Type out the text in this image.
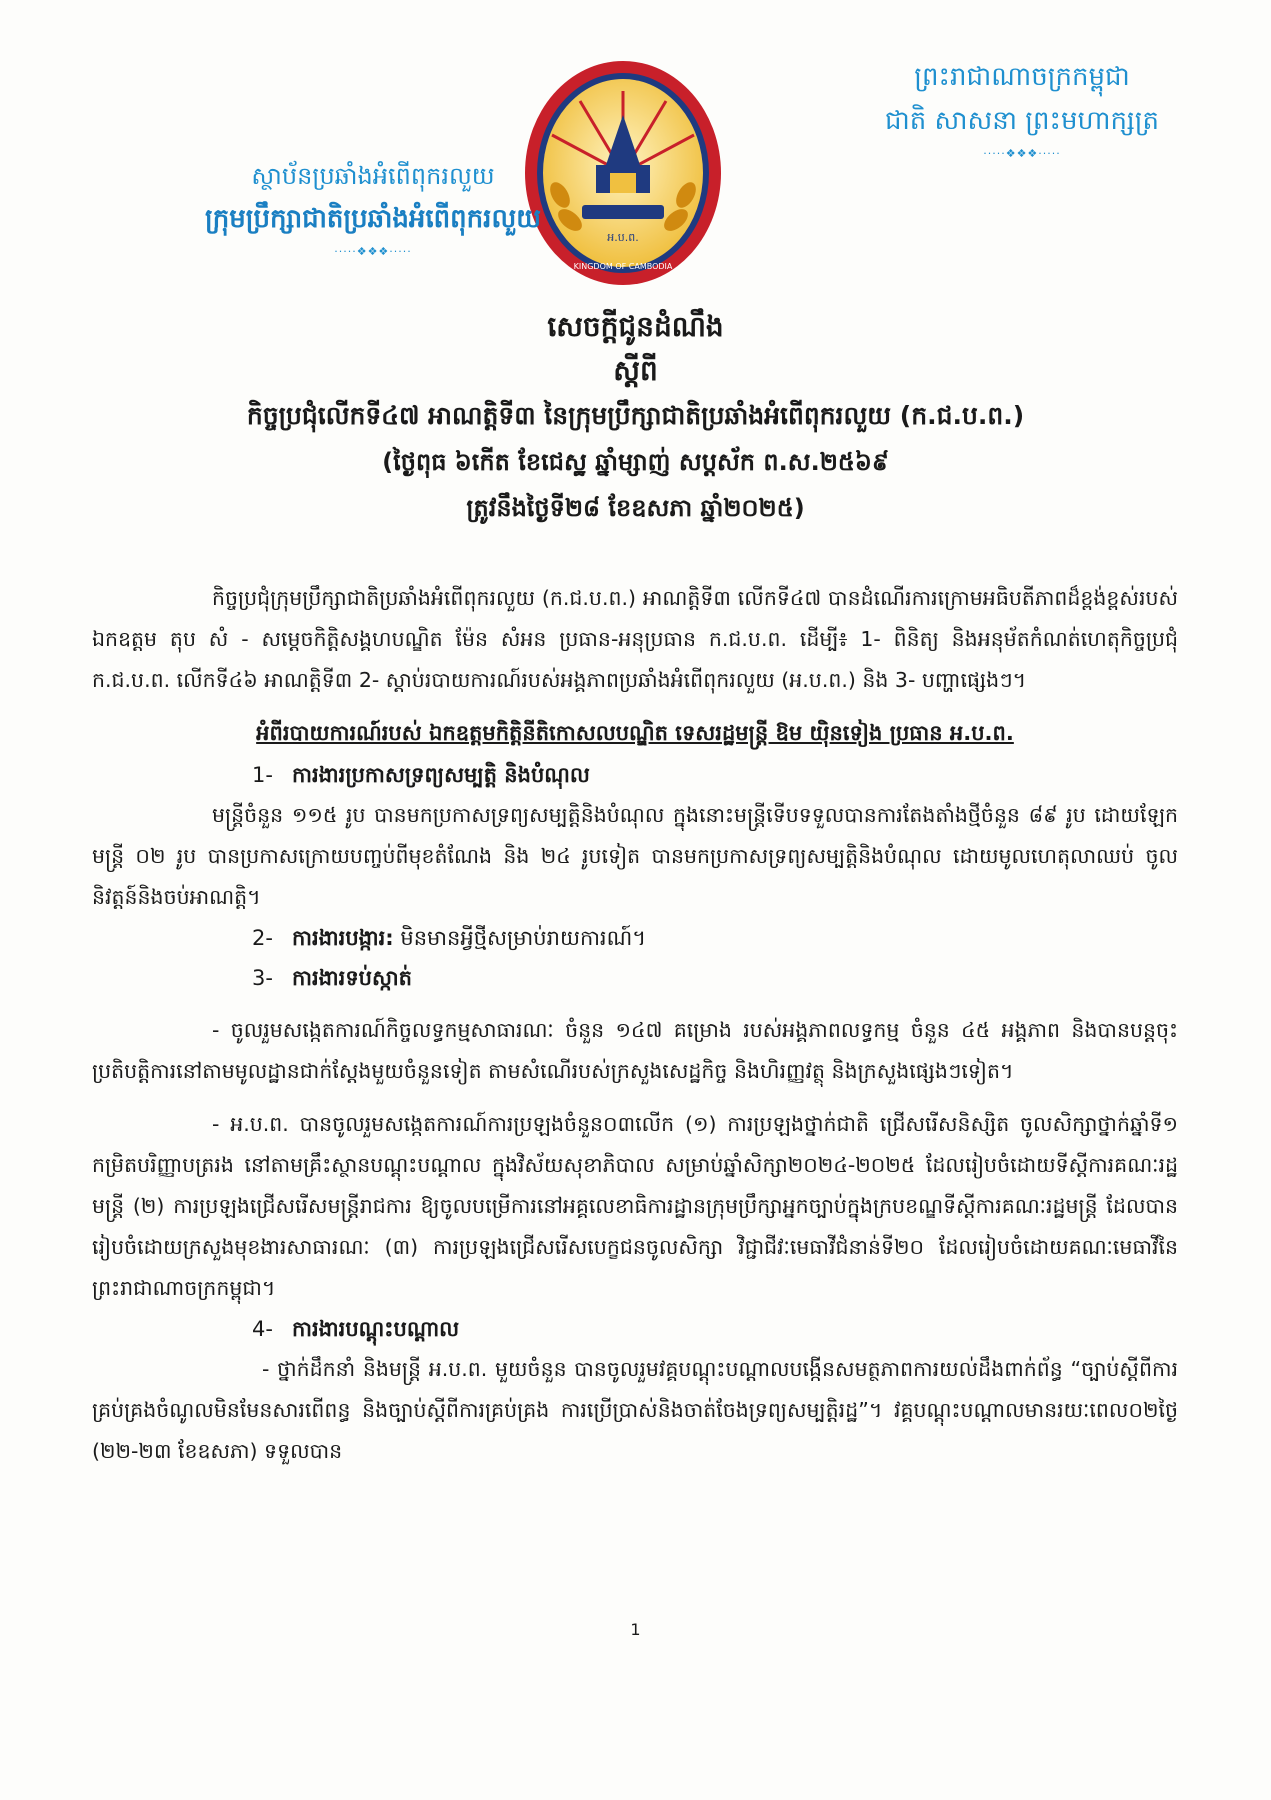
ព្រះរាជាណាចក្រកម្ពុជា
ជាតិ សាសនា ព្រះមហាក្សត្រ
·····❖❖❖·····
អ.ប.ព.
KINGDOM OF CAMBODIA
ស្ថាប័នប្រឆាំងអំពើពុករលួយ
ក្រុមប្រឹក្សាជាតិប្រឆាំងអំពើពុករលួយ
·····❖❖❖·····
សេចក្តីជូនដំណឹង
ស្តីពី
កិច្ចប្រជុំលើកទី៤៧ អាណត្តិទី៣ នៃក្រុមប្រឹក្សាជាតិប្រឆាំងអំពើពុករលួយ (ក.ជ.ប.ព.)
(ថ្ងៃពុធ ៦កើត ខែជេស្ឋ ឆ្នាំម្សាញ់ សប្តស័ក ព.ស.២៥៦៩
ត្រូវនឹងថ្ងៃទី២៨ ខែឧសភា ឆ្នាំ២០២៥)

កិច្ចប្រជុំក្រុមប្រឹក្សាជាតិប្រឆាំងអំពើពុករលួយ (ក.ជ.ប.ព.) អាណត្តិទី៣ លើកទី៤៧ បានដំណើរការក្រោមអធិបតីភាពដ៏ខ្ពង់ខ្ពស់របស់ ឯកឧត្តម តុប សំ - សម្តេចកិត្តិសង្គហបណ្ឌិត ម៉ែន សំអន ប្រធាន-អនុប្រធាន ក.ជ.ប.ព. ដើម្បី៖ 1- ពិនិត្យ និងអនុម័តកំណត់ហេតុកិច្ចប្រជុំ ក.ជ.ប.ព. លើកទី៤៦ អាណត្តិទី៣ 2- ស្តាប់របាយការណ៍របស់អង្គភាពប្រឆាំងអំពើពុករលួយ (អ.ប.ព.) និង 3- បញ្ហាផ្សេងៗ។

អំពីរបាយការណ៍របស់ ឯកឧត្តមកិត្តិនីតិកោសលបណ្ឌិត ទេសរដ្ឋមន្ត្រី ឱម យ៉ិនទៀង ប្រធាន អ.ប.ព.
1- ការងារប្រកាសទ្រព្យសម្បត្តិ និងបំណុល

មន្ត្រីចំនួន ១១៥ រូប បានមកប្រកាសទ្រព្យសម្បត្តិនិងបំណុល ក្នុងនោះមន្ត្រីទើបទទួលបានការតែងតាំងថ្មីចំនួន ៨៩ រូប ដោយឡែកមន្ត្រី ០២ រូប បានប្រកាសក្រោយបញ្ចប់ពីមុខតំណែង និង ២៤ រូបទៀត បានមកប្រកាសទ្រព្យសម្បត្តិនិងបំណុល ដោយមូលហេតុលាឈប់ ចូលនិវត្តន៍និងចប់អាណត្តិ។

2- ការងារបង្ការ: មិនមានអ្វីថ្មីសម្រាប់រាយការណ៍។
3- ការងារទប់ស្កាត់

- ចូលរួមសង្កេតការណ៍កិច្ចលទ្ធកម្មសាធារណៈ ចំនួន ១៤៧ គម្រោង របស់អង្គភាពលទ្ធកម្ម ចំនួន ៤៥ អង្គភាព និងបានបន្តចុះប្រតិបត្តិការនៅតាមមូលដ្ឋានជាក់ស្តែងមួយចំនួនទៀត តាមសំណើរបស់ក្រសួងសេដ្ឋកិច្ច និងហិរញ្ញវត្ថុ និងក្រសួងផ្សេងៗទៀត។

- អ.ប.ព. បានចូលរួមសង្កេតការណ៍ការប្រឡងចំនួន០៣លើក (១) ការប្រឡងថ្នាក់ជាតិ ជ្រើសរើសនិស្សិត ចូលសិក្សាថ្នាក់ឆ្នាំទី១ កម្រិតបរិញ្ញាបត្ររង នៅតាមគ្រឹះស្ថានបណ្តុះបណ្តាល ក្នុងវិស័យសុខាភិបាល សម្រាប់ឆ្នាំសិក្សា២០២៤-២០២៥ ដែលរៀបចំដោយទីស្តីការគណៈរដ្ឋមន្ត្រី (២) ការប្រឡងជ្រើសរើសមន្ត្រីរាជការ ឱ្យចូលបម្រើការនៅអគ្គលេខាធិការដ្ឋានក្រុមប្រឹក្សាអ្នកច្បាប់ក្នុងក្របខណ្ឌទីស្តីការគណៈរដ្ឋមន្ត្រី ដែលបានរៀបចំដោយក្រសួងមុខងារសាធារណៈ (៣) ការប្រឡងជ្រើសរើសបេក្ខជនចូលសិក្សា វិជ្ជាជីវៈមេធាវីជំនាន់ទី២០ ដែលរៀបចំដោយគណៈមេធាវីនៃព្រះរាជាណាចក្រកម្ពុជា។

4- ការងារបណ្តុះបណ្តាល

- ថ្នាក់ដឹកនាំ និងមន្ត្រី អ.ប.ព. មួយចំនួន បានចូលរួមវគ្គបណ្តុះបណ្តាលបង្កើនសមត្ថភាពការយល់ដឹងពាក់ព័ន្ធ “ច្បាប់ស្តីពីការគ្រប់គ្រងចំណូលមិនមែនសារពើពន្ធ និងច្បាប់ស្តីពីការគ្រប់គ្រង ការប្រើប្រាស់និងចាត់ចែងទ្រព្យសម្បត្តិរដ្ឋ”។ វគ្គបណ្តុះបណ្តាលមានរយៈពេល០២ថ្ងៃ (២២-២៣ ខែឧសភា) ទទួលបាន

1
